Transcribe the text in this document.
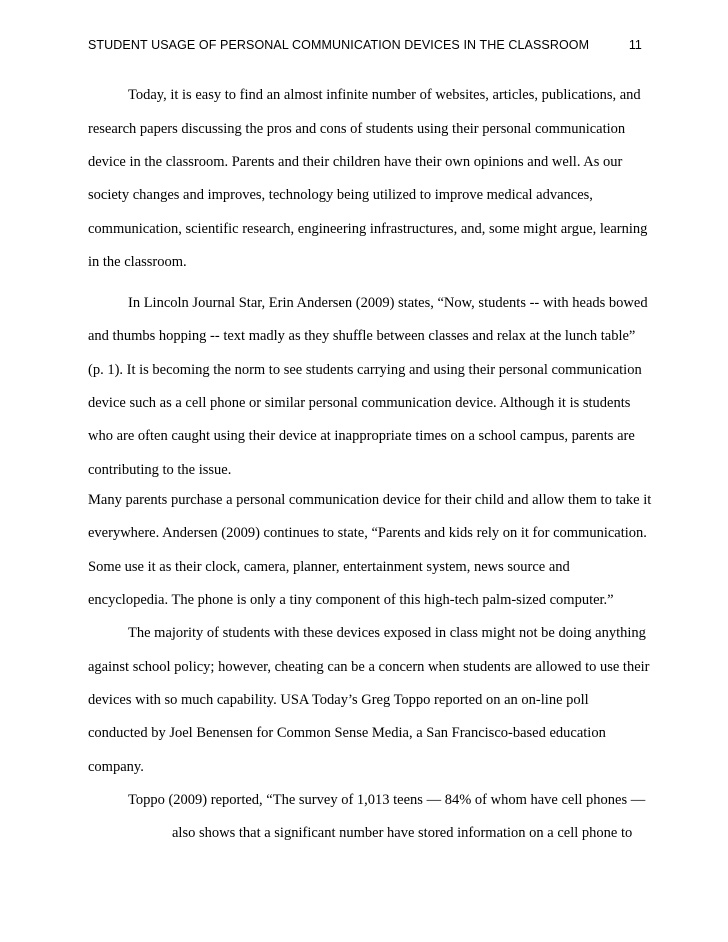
STUDENT USAGE OF PERSONAL COMMUNICATION DEVICES IN THE CLASSROOM	11
Today, it is easy to find an almost infinite number of websites, articles, publications, and
research papers discussing the pros and cons of students using their personal communication
device in the classroom. Parents and their children have their own opinions and well. As our
society changes and improves, technology being utilized to improve medical advances,
communication, scientific research, engineering infrastructures, and, some might argue, learning
in the classroom.
In Lincoln Journal Star, Erin Andersen (2009) states, “Now, students -- with heads bowed
and thumbs hopping -- text madly as they shuffle between classes and relax at the lunch table”
(p. 1). It is becoming the norm to see students carrying and using their personal communication
device such as a cell phone or similar personal communication device. Although it is students
who are often caught using their device at inappropriate times on a school campus, parents are
contributing to the issue.
Many parents purchase a personal communication device for their child and allow them to take it
everywhere. Andersen (2009) continues to state, “Parents and kids rely on it for communication.
Some use it as their clock, camera, planner, entertainment system, news source and
encyclopedia. The phone is only a tiny component of this high-tech palm-sized computer.”
The majority of students with these devices exposed in class might not be doing anything
against school policy; however, cheating can be a concern when students are allowed to use their
devices with so much capability. USA Today’s Greg Toppo reported on an on-line poll
conducted by Joel Benensen for Common Sense Media, a San Francisco-based education
company.
Toppo (2009) reported, “The survey of 1,013 teens — 84% of whom have cell phones —
also shows that a significant number have stored information on a cell phone to
